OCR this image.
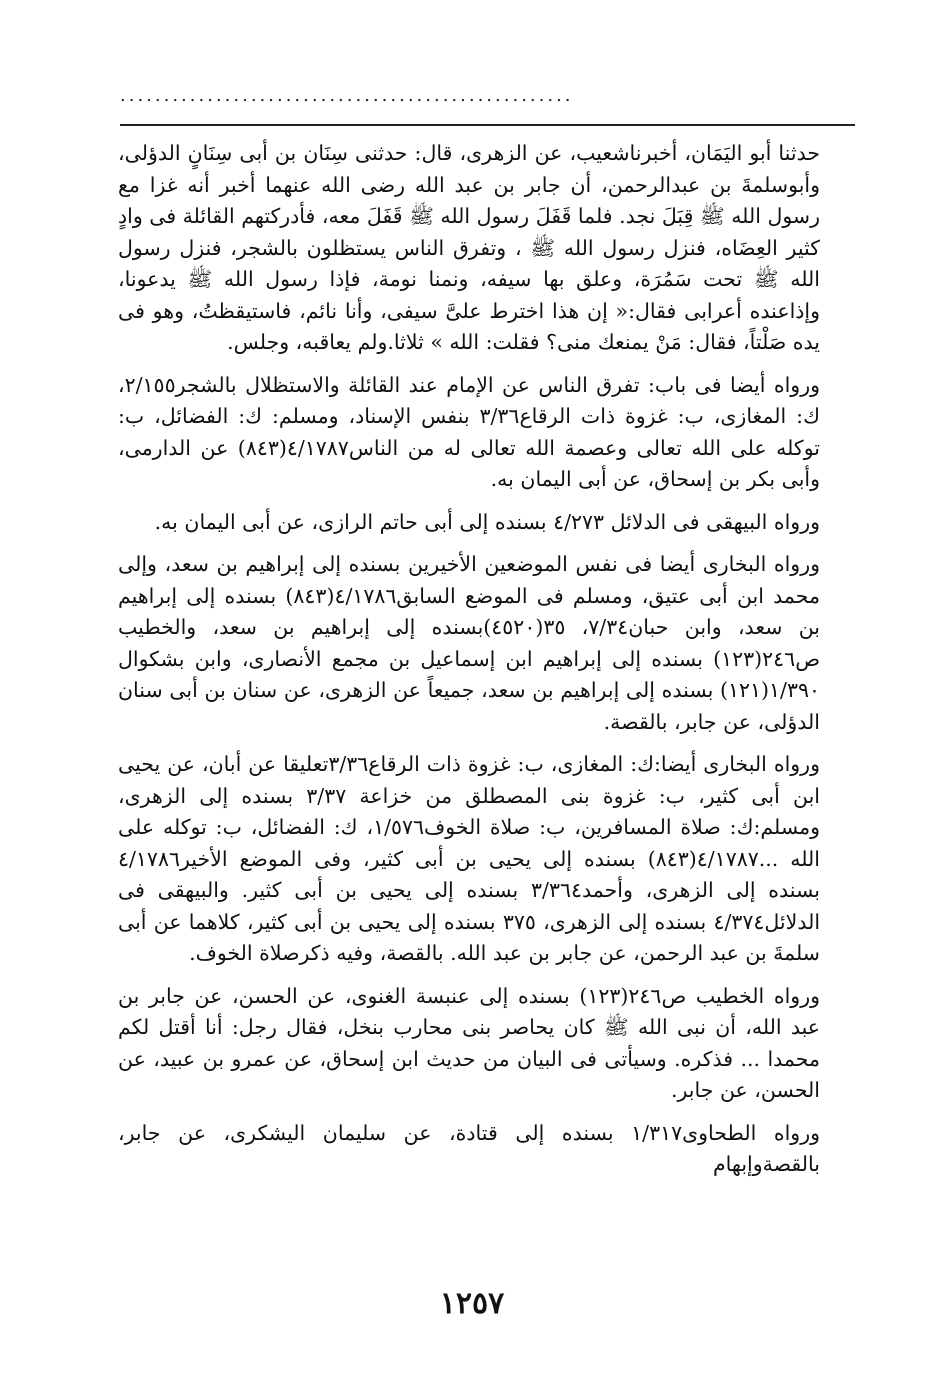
....................................................

حدثنا أبو اليَمَان، أخبرناشعيب، عن الزهرى، قال: حدثنى سِنَان بن أبى سِنَانٍ الدؤلى، وأبوسلمةَ بن عبدالرحمن، أن جابر بن عبد الله رضى الله عنهما أخبر أنه غزا مع رسول الله ﷺ قِبَلَ نجد. فلما قَفَلَ رسول الله ﷺ قَفَلَ معه، فأدركتهم القائلة فى وادٍ كثير العِضَاه، فنزل رسول الله ﷺ ، وتفرق الناس يستظلون بالشجر، فنزل رسول الله ﷺ تحت سَمُرَة، وعلق بها سيفه، ونمنا نومة، فإذا رسول الله ﷺ يدعونا، وإذاعنده أعرابى فقال:« إن هذا اخترط علىَّ سيفى، وأنا نائم، فاستيقظتُ، وهو فى يده صَلْتاً، فقال: مَنْ يمنعك منى؟ فقلت: الله » ثلاثا.ولم يعاقبه، وجلس.

ورواه أيضا فى باب: تفرق الناس عن الإمام عند القائلة والاستظلال بالشجر٢/١٥٥، ك: المغازى، ب: غزوة ذات الرقاع٣/٣٦ بنفس الإسناد، ومسلم: ك: الفضائل، ب: توكله على الله تعالى وعصمة الله تعالى له من الناس٤/١٧٨٧(٨٤٣) عن الدارمى، وأبى بكر بن إسحاق، عن أبى اليمان به.

ورواه البيهقى فى الدلائل ٤/٢٧٣ بسنده إلى أبى حاتم الرازى، عن أبى اليمان به.

ورواه البخارى أيضا فى نفس الموضعين الأخيرين بسنده إلى إبراهيم بن سعد، وإلى محمد ابن أبى عتيق، ومسلم فى الموضع السابق٤/١٧٨٦(٨٤٣) بسنده إلى إبراهيم بن سعد، وابن حبان٧/٣٤، ٣٥(٤٥٢٠)بسنده إلى إبراهيم بن سعد، والخطيب ص٢٤٦(١٢٣) بسنده إلى إبراهيم ابن إسماعيل بن مجمع الأنصارى، وابن بشكوال ١/٣٩٠(١٢١) بسنده إلى إبراهيم بن سعد، جميعاً عن الزهرى، عن سنان بن أبى سنان الدؤلى، عن جابر، بالقصة.

ورواه البخارى أيضا:ك: المغازى، ب: غزوة ذات الرقاع٣/٣٦تعليقا عن أبان، عن يحيى ابن أبى كثير، ب: غزوة بنى المصطلق من خزاعة ٣/٣٧ بسنده إلى الزهرى، ومسلم:ك: صلاة المسافرين، ب: صلاة الخوف١/٥٧٦، ك: الفضائل، ب: توكله على الله ...٤/١٧٨٧(٨٤٣) بسنده إلى يحيى بن أبى كثير، وفى الموضع الأخير٤/١٧٨٦ بسنده إلى الزهرى، وأحمد٣/٣٦٤ بسنده إلى يحيى بن أبى كثير. والبيهقى فى الدلائل٤/٣٧٤ بسنده إلى الزهرى، ٣٧٥ بسنده إلى يحيى بن أبى كثير، كلاهما عن أبى سلمةَ بن عبد الرحمن، عن جابر بن عبد الله. بالقصة، وفيه ذكرصلاة الخوف.

ورواه الخطيب ص٢٤٦(١٢٣) بسنده إلى عنبسة الغنوى، عن الحسن، عن جابر بن عبد الله، أن نبى الله ﷺ كان يحاصر بنى محارب بنخل، فقال رجل: أنا أقتل لكم محمدا ... فذكره. وسيأتى فى البيان من حديث ابن إسحاق، عن عمرو بن عبيد، عن الحسن، عن جابر.

ورواه الطحاوى١/٣١٧ بسنده إلى قتادة، عن سليمان اليشكرى، عن جابر، بالقصةوإبهام

١٢٥٧
